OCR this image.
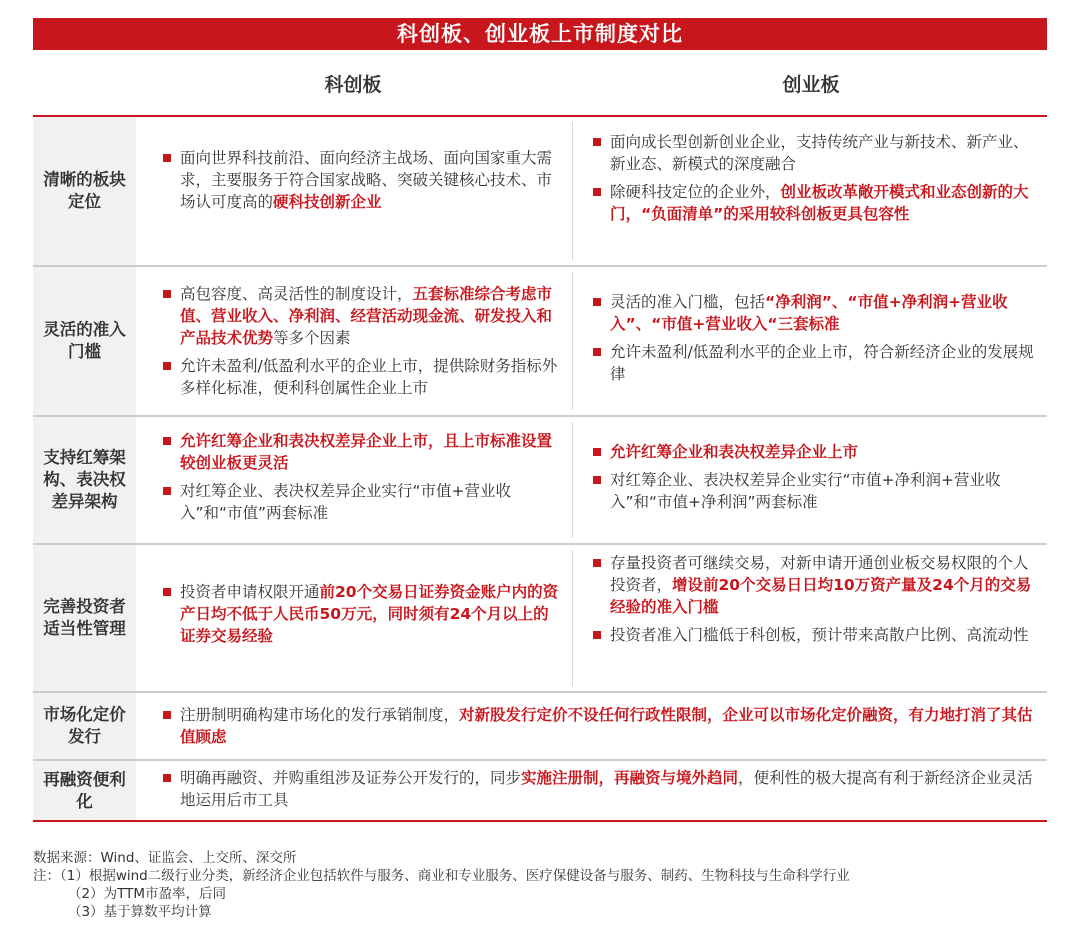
科创板、创业板上市制度对比
科创板	创业板
清晰的板块定位

面向世界科技前沿、面向经济主战场、面向国家重大需求，主要服务于符合国家战略、突破关键核心技术、市场认可度高的硬科技创新企业

面向成长型创新创业企业，支持传统产业与新技术、新产业、新业态、新模式的深度融合

除硬科技定位的企业外，创业板改革敞开模式和业态创新的大门，“负面清单”的采用较科创板更具包容性

灵活的准入门槛

高包容度、高灵活性的制度设计，五套标准综合考虑市值、营业收入、净利润、经营活动现金流、研发投入和产品技术优势等多个因素

允许未盈利/低盈利水平的企业上市，提供除财务指标外多样化标准，便利科创属性企业上市

灵活的准入门槛，包括“净利润”、“市值+净利润+营业收入”、“市值+营业收入“三套标准

允许未盈利/低盈利水平的企业上市，符合新经济企业的发展规律

支持红筹架构、表决权差异架构

允许红筹企业和表决权差异企业上市，且上市标准设置较创业板更灵活

对红筹企业、表决权差异企业实行“市值+营业收入”和“市值”两套标准

允许红筹企业和表决权差异企业上市

对红筹企业、表决权差异企业实行“市值+净利润+营业收入”和“市值+净利润”两套标准

完善投资者适当性管理

投资者申请权限开通前20个交易日证券资金账户内的资产日均不低于人民币50万元，同时须有24个月以上的证券交易经验

存量投资者可继续交易，对新申请开通创业板交易权限的个人投资者，增设前20个交易日日均10万资产量及24个月的交易经验的准入门槛

投资者准入门槛低于科创板，预计带来高散户比例、高流动性

市场化定价发行

注册制明确构建市场化的发行承销制度，对新股发行定价不设任何行政性限制，企业可以市场化定价融资，有力地打消了其估值顾虑

再融资便利化

明确再融资、并购重组涉及证券公开发行的，同步实施注册制，再融资与境外趋同，便利性的极大提高有利于新经济企业灵活地运用后市工具

数据来源：Wind、证监会、上交所、深交所
注：（1）根据wind二级行业分类，新经济企业包括软件与服务、商业和专业服务、医疗保健设备与服务、制药、生物科技与生命科学行业
（2）为TTM市盈率，后同
（3）基于算数平均计算
